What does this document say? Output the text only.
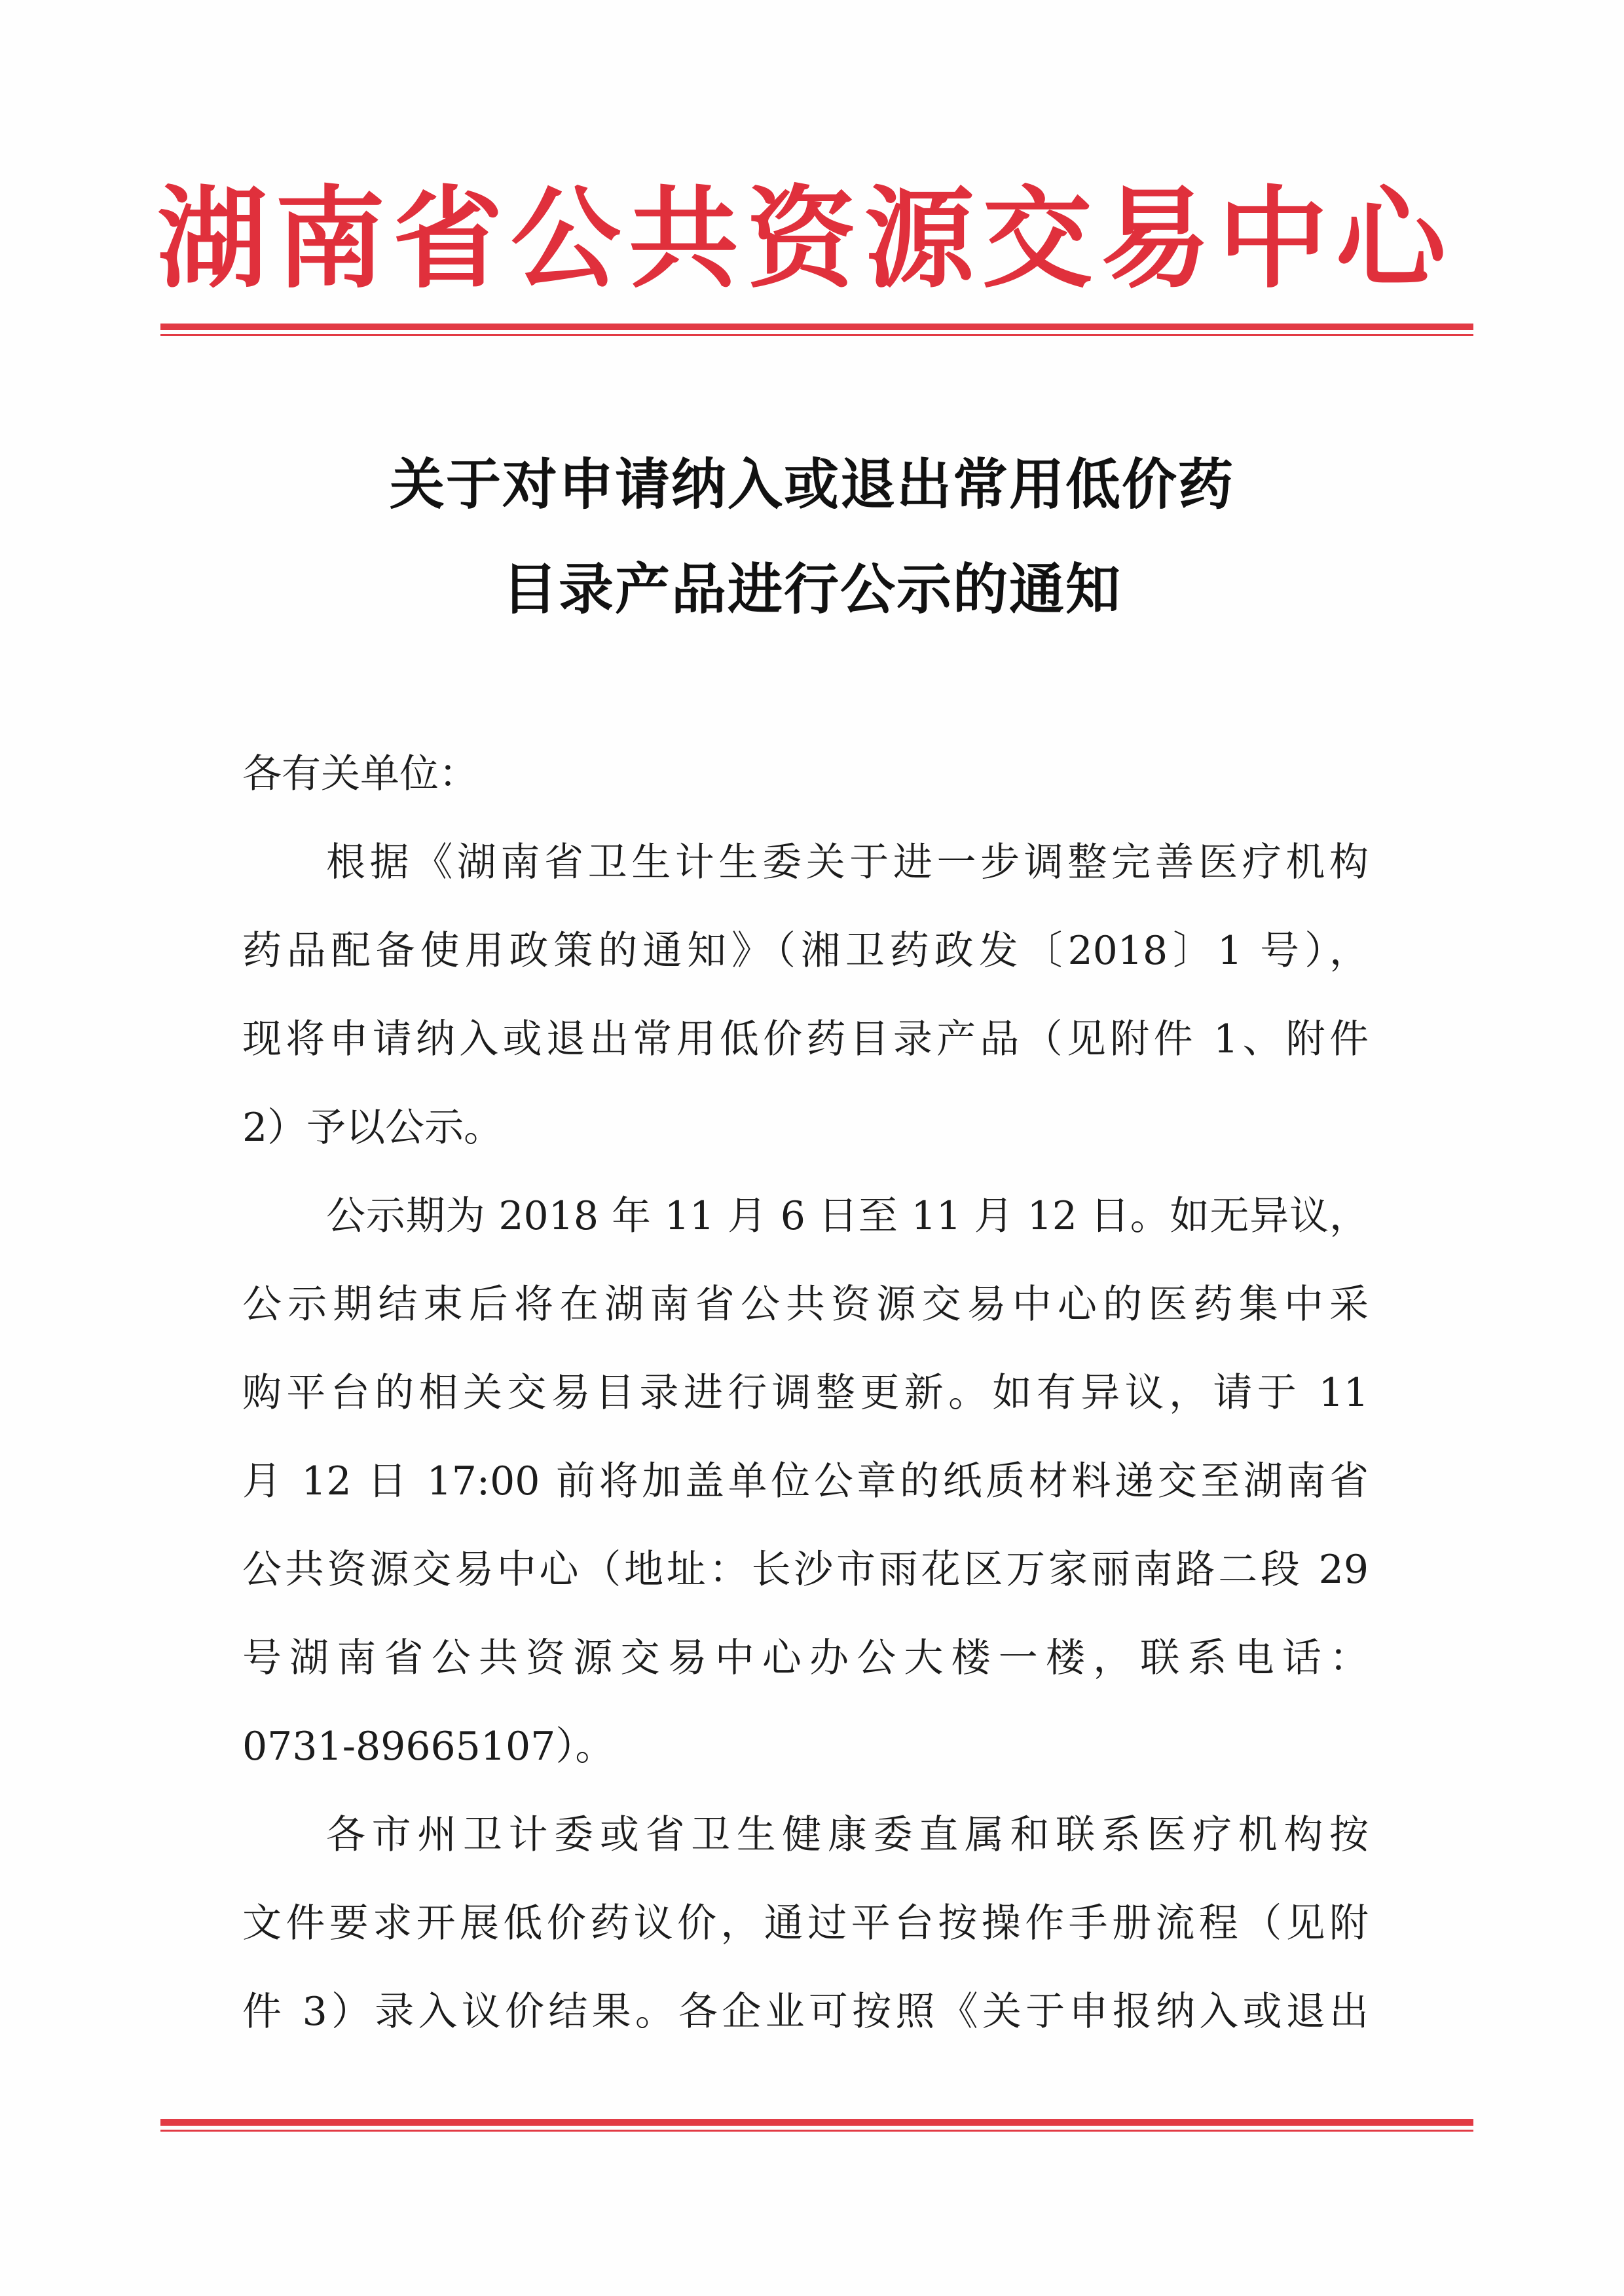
湖南省公共资源交易中心
关于对申请纳入或退出常用低价药
目录产品进行公示的通知
各有关单位：
根据《湖南省卫生计生委关于进一步调整完善医疗机构
药品配备使用政策的通知》（湘卫药政发〔2018〕1 号），
现将申请纳入或退出常用低价药目录产品（见附件 1、附件
2）予以公示。
公示期为 2018 年 11 月 6 日至 11 月 12 日。如无异议，
公示期结束后将在湖南省公共资源交易中心的医药集中采
购平台的相关交易目录进行调整更新。如有异议，请于 11
月 12 日 17:00 前将加盖单位公章的纸质材料递交至湖南省
公共资源交易中心（地址：长沙市雨花区万家丽南路二段 29
号湖南省公共资源交易中心办公大楼一楼，联系电话：
0731-89665107）。
各市州卫计委或省卫生健康委直属和联系医疗机构按
文件要求开展低价药议价，通过平台按操作手册流程（见附
件 3）录入议价结果。各企业可按照《关于申报纳入或退出
